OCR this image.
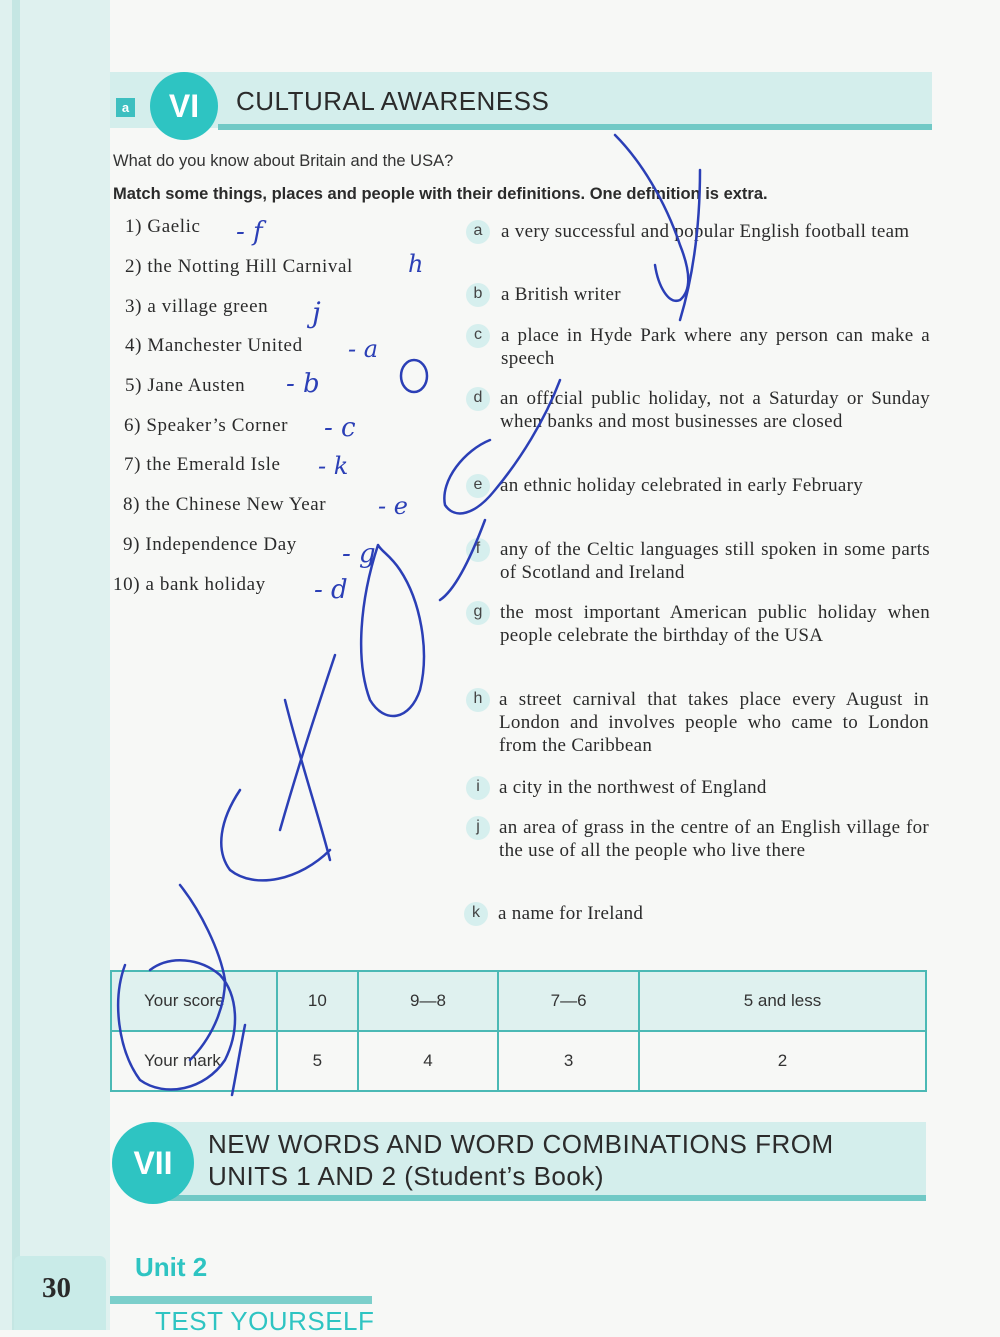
a	VI	CULTURAL AWARENESS
What do you know about Britain and the USA?
Match some things, places and people with their definitions. One definition is extra.
1) Gaelic
2) the Notting Hill Carnival
3) a village green
4) Manchester United
5) Jane Austen
6) Speaker’s Corner
7) the Emerald Isle
8) the Chinese New Year
9) Independence Day
10) a bank holiday
a a very successful and popular English football team
b a British writer
c	a place in Hyde Park where any person can make a speech
d an official public holiday, not a Saturday or Sunday when banks and most businesses are closed
e an ethnic holiday celebrated in early February
f	any of the Celtic languages still spoken in some parts of Scotland and Ireland
g the most important American public holiday when people celebrate the birthday of the USA
h a street carnival that takes place every August in London and involves people who came to London from the Caribbean
i	a city in the northwest of England
j	an area of grass in the centre of an English village for the use of all the people who live there
k a name for Ireland
Your score	10	9—8	7—6	5 and less
Your mark	5	4	3	2
VII
NEW WORDS AND WORD COMBINATIONS FROM
UNITS 1 AND 2 (Student’s Book)
30
Unit 2
TEST YOURSELF
- f
h
j
- a
- b
- c
- k
- e
- g
- d
